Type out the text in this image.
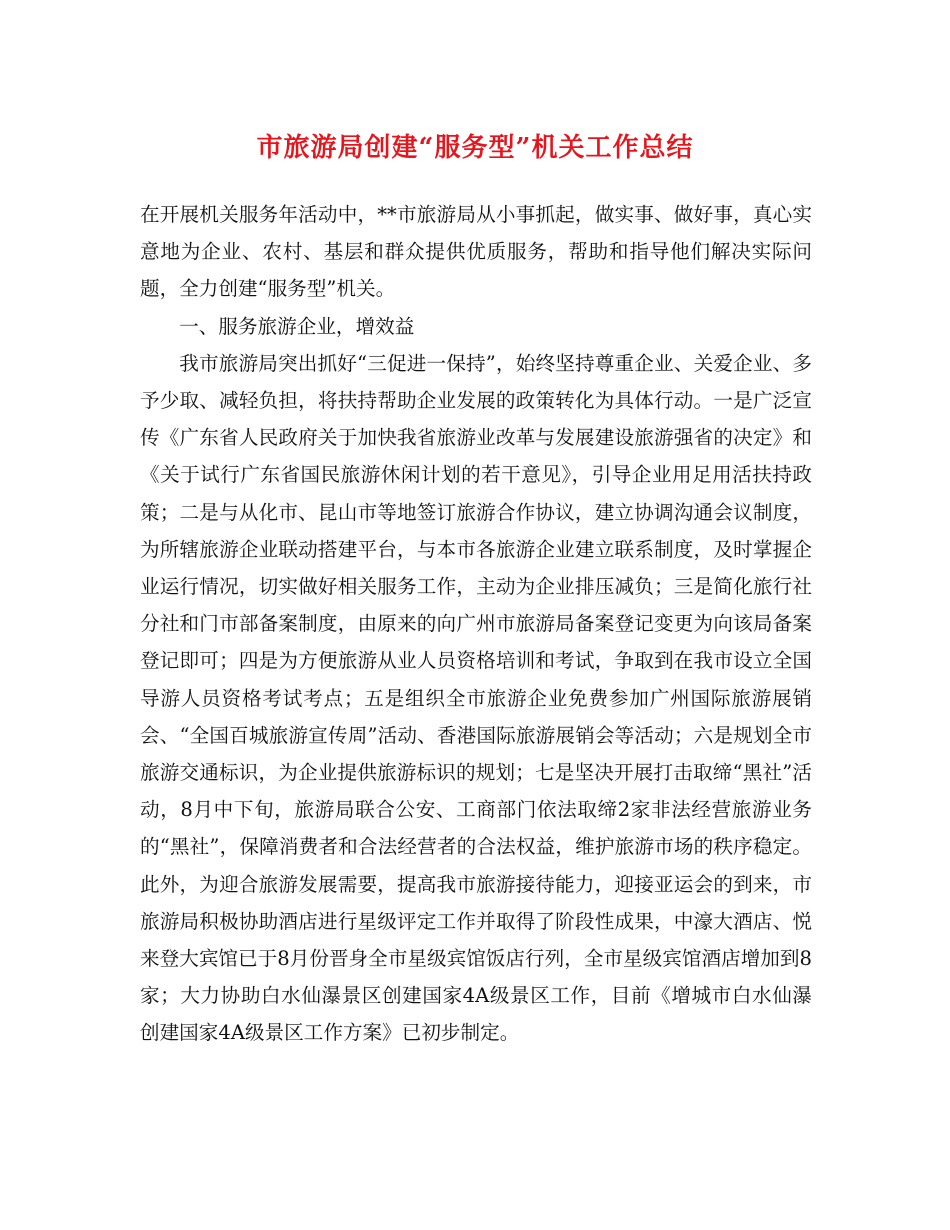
市旅游局创建“服务型”机关工作总结

在开展机关服务年活动中，**市旅游局从小事抓起，做实事、做好事，真心实意地为企业、农村、基层和群众提供优质服务，帮助和指导他们解决实际问题，全力创建“服务型”机关。

一、服务旅游企业，增效益

我市旅游局突出抓好“三促进一保持”，始终坚持尊重企业、关爱企业、多予少取、减轻负担，将扶持帮助企业发展的政策转化为具体行动。一是广泛宣传《广东省人民政府关于加快我省旅游业改革与发展建设旅游强省的决定》和《关于试行广东省国民旅游休闲计划的若干意见》，引导企业用足用活扶持政策；二是与从化市、昆山市等地签订旅游合作协议，建立协调沟通会议制度，为所辖旅游企业联动搭建平台，与本市各旅游企业建立联系制度，及时掌握企业运行情况，切实做好相关服务工作，主动为企业排压减负；三是简化旅行社分社和门市部备案制度，由原来的向广州市旅游局备案登记变更为向该局备案登记即可；四是为方便旅游从业人员资格培训和考试，争取到在我市设立全国导游人员资格考试考点；五是组织全市旅游企业免费参加广州国际旅游展销会、“全国百城旅游宣传周”活动、香港国际旅游展销会等活动；六是规划全市旅游交通标识，为企业提供旅游标识的规划；七是坚决开展打击取缔“黑社”活动，8月中下旬，旅游局联合公安、工商部门依法取缔2家非法经营旅游业务的“黑社”，保障消费者和合法经营者的合法权益，维护旅游市场的秩序稳定。此外，为迎合旅游发展需要，提高我市旅游接待能力，迎接亚运会的到来，市旅游局积极协助酒店进行星级评定工作并取得了阶段性成果，中濠大酒店、悦来登大宾馆已于8月份晋身全市星级宾馆饭店行列，全市星级宾馆酒店增加到8家；大力协助白水仙瀑景区创建国家4A级景区工作，目前《增城市白水仙瀑创建国家4A级景区工作方案》已初步制定。
